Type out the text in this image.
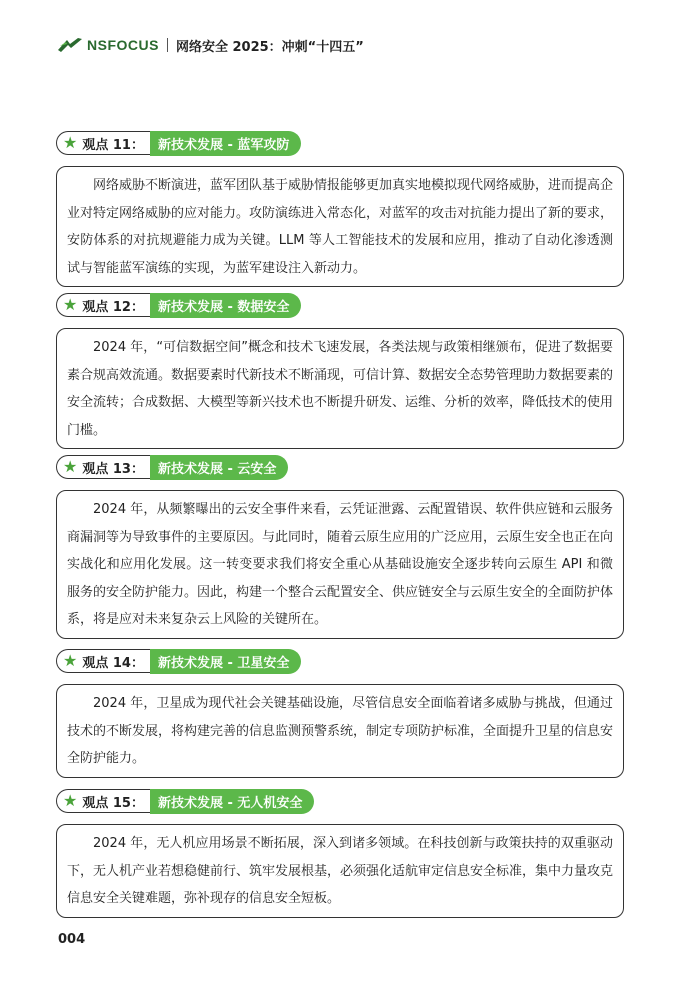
NSFOCUS 网络安全 2025：冲刺“十四五”
★ 观点 11：	新技术发展 - 蓝军攻防
网络威胁不断演进，蓝军团队基于威胁情报能够更加真实地模拟现代网络威胁，进而提高企业对特定网络威胁的应对能力。攻防演练进入常态化，对蓝军的攻击对抗能力提出了新的要求，安防体系的对抗规避能力成为关键。LLM 等人工智能技术的发展和应用，推动了自动化渗透测试与智能蓝军演练的实现，为蓝军建设注入新动力。
★ 观点 12：	新技术发展 - 数据安全
2024 年，“可信数据空间”概念和技术飞速发展，各类法规与政策相继颁布，促进了数据要素合规高效流通。数据要素时代新技术不断涌现，可信计算、数据安全态势管理助力数据要素的安全流转；合成数据、大模型等新兴技术也不断提升研发、运维、分析的效率，降低技术的使用门槛。
★ 观点 13：	新技术发展 - 云安全
2024 年，从频繁曝出的云安全事件来看，云凭证泄露、云配置错误、软件供应链和云服务商漏洞等为导致事件的主要原因。与此同时，随着云原生应用的广泛应用，云原生安全也正在向实战化和应用化发展。这一转变要求我们将安全重心从基础设施安全逐步转向云原生 API 和微服务的安全防护能力。因此，构建一个整合云配置安全、供应链安全与云原生安全的全面防护体系，将是应对未来复杂云上风险的关键所在。
★ 观点 14：	新技术发展 - 卫星安全
2024 年，卫星成为现代社会关键基础设施，尽管信息安全面临着诸多威胁与挑战，但通过技术的不断发展，将构建完善的信息监测预警系统，制定专项防护标准，全面提升卫星的信息安全防护能力。
★ 观点 15：	新技术发展 - 无人机安全
2024 年，无人机应用场景不断拓展，深入到诸多领域。在科技创新与政策扶持的双重驱动下，无人机产业若想稳健前行、筑牢发展根基，必须强化适航审定信息安全标准，集中力量攻克信息安全关键难题，弥补现存的信息安全短板。
004
